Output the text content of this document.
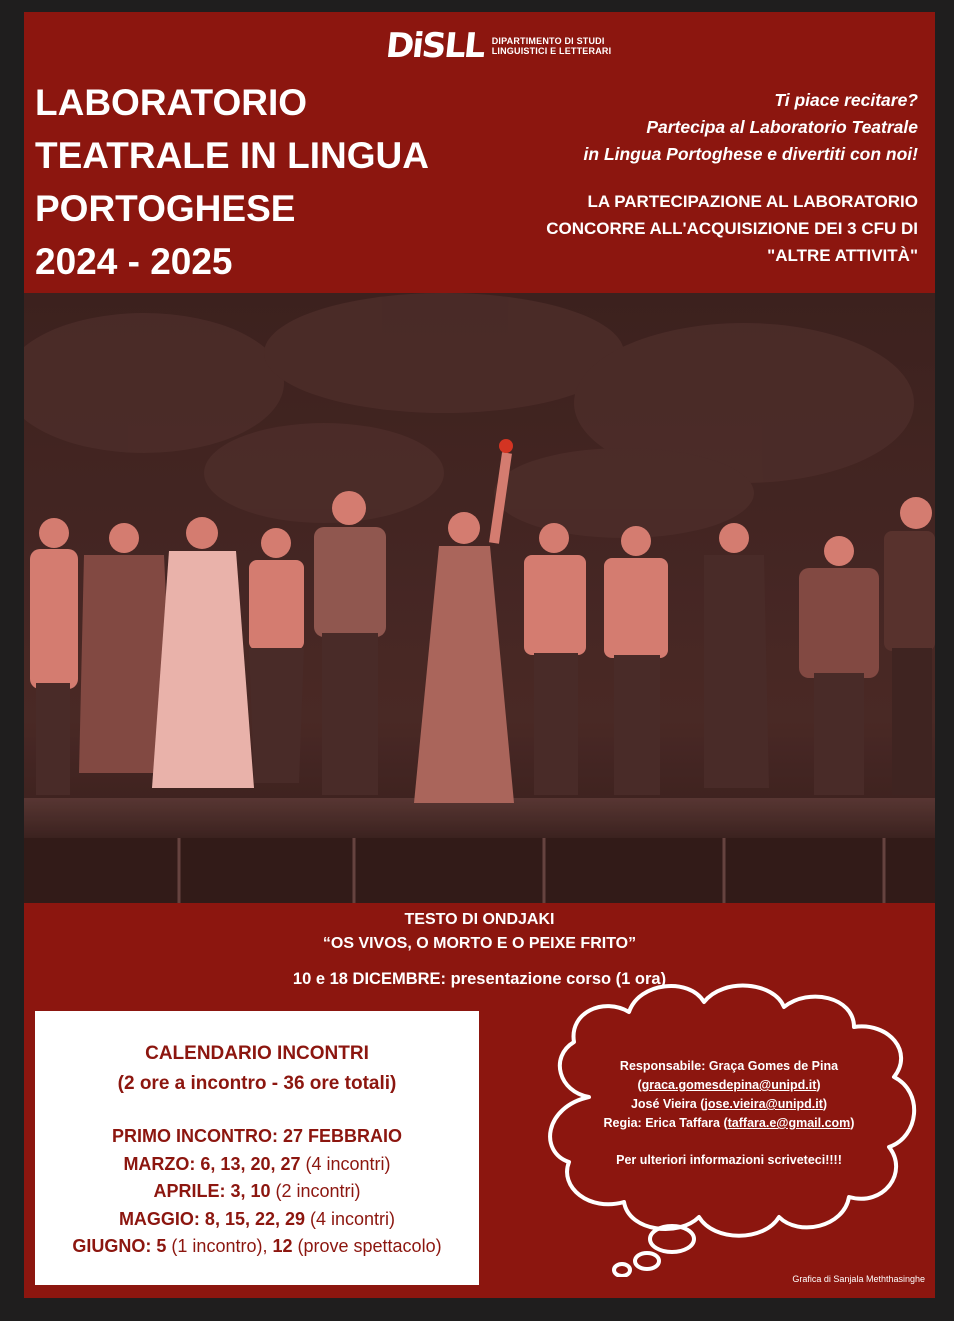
DiSLL DIPARTIMENTO DI STUDI
LINGUISTICI E LETTERARI
LABORATORIO
TEATRALE IN LINGUA
PORTOGHESE
2024 - 2025
Ti piace recitare?
Partecipa al Laboratorio Teatrale
in Lingua Portoghese e divertiti con noi!
LA PARTECIPAZIONE AL LABORATORIO
CONCORRE ALL'ACQUISIZIONE DEI 3 CFU DI
"ALTRE ATTIVITÀ"
TESTO DI ONDJAKI
“OS VIVOS, O MORTO E O PEIXE FRITO”
10 e 18 DICEMBRE: presentazione corso (1 ora)
CALENDARIO INCONTRI
(2 ore a incontro - 36 ore totali)
PRIMO INCONTRO: 27 FEBBRAIO
MARZO: 6, 13, 20, 27 (4 incontri)
APRILE: 3, 10 (2 incontri)
MAGGIO: 8, 15, 22, 29 (4 incontri)
GIUGNO: 5 (1 incontro), 12 (prove spettacolo)
Responsabile: Graça Gomes de Pina
(graca.gomesdepina@unipd.it)
José Vieira (jose.vieira@unipd.it)
Regia: Erica Taffara (taffara.e@gmail.com)
Per ulteriori informazioni scriveteci!!!!
Grafica di Sanjala Meththasinghe
